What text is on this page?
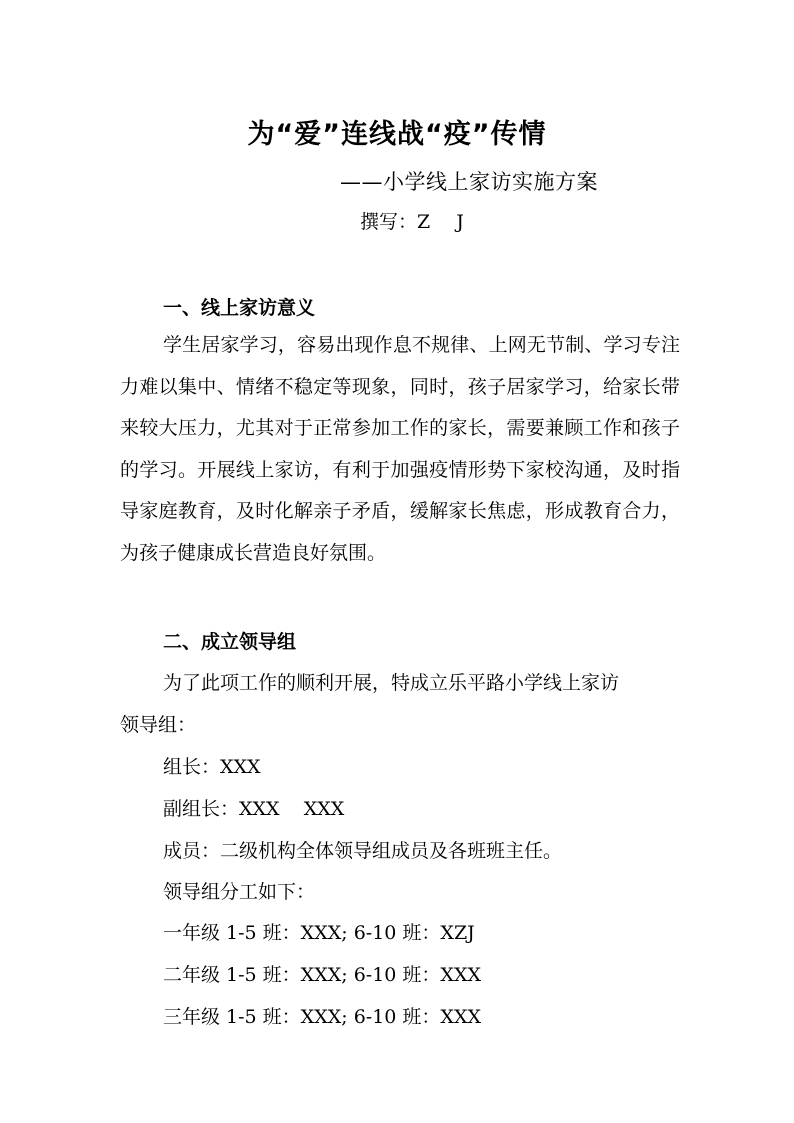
为“爱”连线战“疫”传情
——小学线上家访实施方案
撰写：Z J
一、线上家访意义

学生居家学习，容易出现作息不规律、上网无节制、学习专注力难以集中、情绪不稳定等现象，同时，孩子居家学习，给家长带来较大压力，尤其对于正常参加工作的家长，需要兼顾工作和孩子的学习。开展线上家访，有利于加强疫情形势下家校沟通，及时指导家庭教育，及时化解亲子矛盾，缓解家长焦虑，形成教育合力，为孩子健康成长营造良好氛围。

二、成立领导组
为了此项工作的顺利开展，特成立乐平路小学线上家访
领导组：
组长：XXX
副组长：XXX    XXX
成员：二级机构全体领导组成员及各班班主任。
领导组分工如下：
一年级 1-5 班：XXX; 6-10 班：XZJ
二年级 1-5 班：XXX; 6-10 班：XXX
三年级 1-5 班：XXX; 6-10 班：XXX
